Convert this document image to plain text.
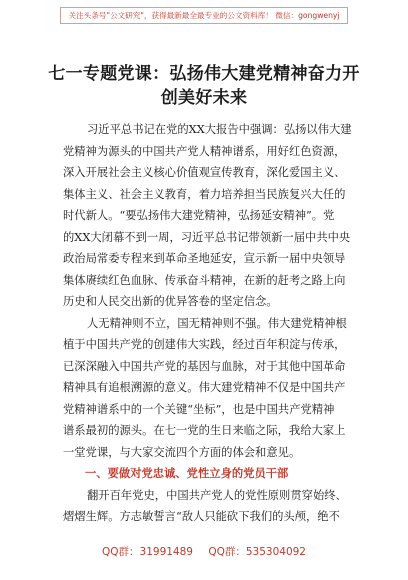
关注头条号"公文研究"，获得最新最全最专业的公文资料库！ 微信：gongwenyj
七一专题党课：弘扬伟大建党精神奋力开
创美好未来

习近平总书记在党的XX大报告中强调：弘扬以伟大建
党精神为源头的中国共产党人精神谱系，用好红色资源，
深入开展社会主义核心价值观宣传教育，深化爱国主义、
集体主义、社会主义教育，着力培养担当民族复兴大任的
时代新人。“要弘扬伟大建党精神，弘扬延安精神”。党
的XX大闭幕不到一周，习近平总书记带领新一届中共中央
政治局常委专程来到革命圣地延安，宣示新一届中央领导
集体赓续红色血脉、传承奋斗精神，在新的赶考之路上向
历史和人民交出新的优异答卷的坚定信念。

人无精神则不立，国无精神则不强。伟大建党精神根
植于中国共产党的创建伟大实践，经过百年积淀与传承，
已深深融入中国共产党的基因与血脉，对于其他中国革命
精神具有追根溯源的意义。伟大建党精神不仅是中国共产
党精神谱系中的一个关键“坐标”，也是中国共产党精神
谱系最初的源头。在七一党的生日来临之际，我给大家上
一堂党课，与大家交流四个方面的体会和意见。

一、要做对党忠诚、党性立身的党员干部

翻开百年党史，中国共产党人的党性原则贯穿始终、
熠熠生辉。方志敏誓言“敌人只能砍下我们的头颅，绝不

QQ群：31991489 QQ群：535304092
